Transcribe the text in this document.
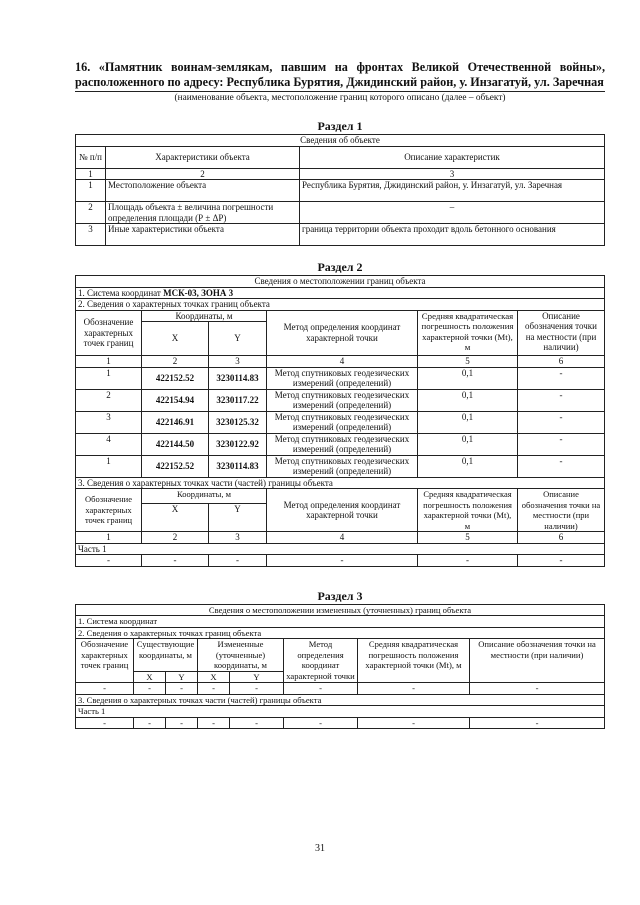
16. «Памятник воинам-землякам, павшим на фронтах Великой Отечественной войны», расположенного по адресу: Республика Бурятия, Джидинский район, у. Инзагатуй, ул. Заречная
(наименование объекта, местоположение границ которого описано (далее – объект)
Раздел 1
Сведения об объекте		
№ п/п	Характеристики объекта	Описание характеристик
1	2	3
1	Местоположение объекта	Республика Бурятия, Джидинский район, у. Инзагатуй, ул. Заречная
2	Площадь объекта ± величина погрешности определения площади (Р ± ΔР)	–
3	Иные характеристики объекта	граница территории объекта проходит вдоль бетонного основания
Раздел 2
Сведения о местоположении границ объекта					
1. Система координат МСК-03, ЗОНА 3					
2. Сведения о характерных точках границ объекта					
Обозначение характерных точек границ	Координаты, м		Метод определения координат характерной точки	Средняя квадратическая погрешность положения характерной точки (Mt), м	Описание обозначения точки на местности (при наличии)
	X	Y			
1	2	3	4	5	6
1	422152.52	3230114.83	Метод спутниковых геодезических измерений (определений)	0,1	-
2	422154.94	3230117.22	Метод спутниковых геодезических измерений (определений)	0,1	-
3	422146.91	3230125.32	Метод спутниковых геодезических измерений (определений)	0,1	-
4	422144.50	3230122.92	Метод спутниковых геодезических измерений (определений)	0,1	-
1	422152.52	3230114.83	Метод спутниковых геодезических измерений (определений)	0,1	-
3. Сведения о характерных точках части (частей) границы объекта					
Обозначение характерных точек границ	Координаты, м		Метод определения координат характерной точки	Средняя квадратическая погрешность положения характерной точки (Mt), м	Описание обозначения точки на местности (при наличии)
	X	Y			
1	2	3	4	5	6
Часть 1					
-	-	-	-	-	-
Раздел 3
Сведения о местоположении измененных (уточненных) границ объекта							
1. Система координат							
2. Сведения о характерных точках границ объекта							
Обозначение характерных точек границ	Существующие координаты, м		Измененные (уточненные) координаты, м		Метод определения координат характерной точки	Средняя квадратическая погрешность положения характерной точки (Mt), м	Описание обозначения точки на местности (при наличии)
	X	Y	X	Y			
-	-	-	-	-	-	-	-
3. Сведения о характерных точках части (частей) границы объекта							
Часть 1							
-	-	-	-	-	-	-	-
31
